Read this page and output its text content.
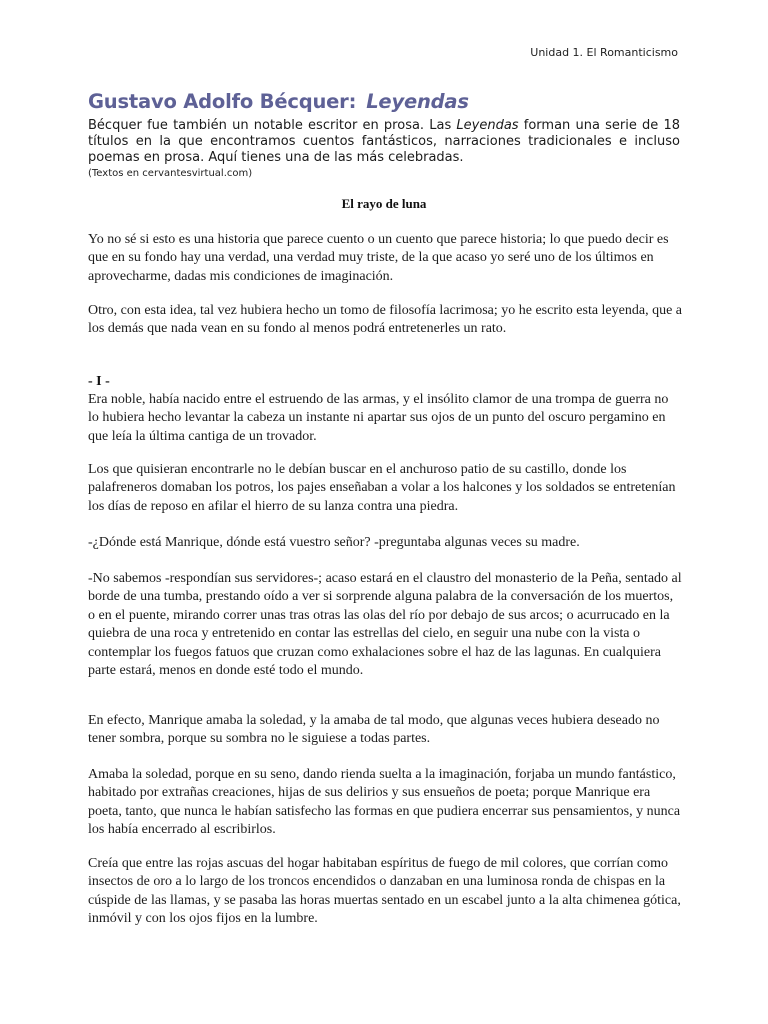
Unidad 1. El Romanticismo
Gustavo Adolfo Bécquer: Leyendas
Bécquer fue también un notable escritor en prosa. Las Leyendas forman una serie de 18 títulos en la que encontramos cuentos fantásticos, narraciones tradicionales e incluso poemas en prosa. Aquí tienes una de las más celebradas.
(Textos en cervantesvirtual.com)
El rayo de luna

Yo no sé si esto es una historia que parece cuento o un cuento que parece historia; lo que puedo decir es que en su fondo hay una verdad, una verdad muy triste, de la que acaso yo seré uno de los últimos en aprovecharme, dadas mis condiciones de imaginación.

Otro, con esta idea, tal vez hubiera hecho un tomo de filosofía lacrimosa; yo he escrito esta leyenda, que a los demás que nada vean en su fondo al menos podrá entretenerles un rato.

- I -

Era noble, había nacido entre el estruendo de las armas, y el insólito clamor de una trompa de guerra no lo hubiera hecho levantar la cabeza un instante ni apartar sus ojos de un punto del oscuro pergamino en que leía la última cantiga de un trovador.

Los que quisieran encontrarle no le debían buscar en el anchuroso patio de su castillo, donde los palafreneros domaban los potros, los pajes enseñaban a volar a los halcones y los soldados se entretenían los días de reposo en afilar el hierro de su lanza contra una piedra.

-¿Dónde está Manrique, dónde está vuestro señor? -preguntaba algunas veces su madre.

-No sabemos -respondían sus servidores-; acaso estará en el claustro del monasterio de la Peña, sentado al borde de una tumba, prestando oído a ver si sorprende alguna palabra de la conversación de los muertos, o en el puente, mirando correr unas tras otras las olas del río por debajo de sus arcos; o acurrucado en la quiebra de una roca y entretenido en contar las estrellas del cielo, en seguir una nube con la vista o contemplar los fuegos fatuos que cruzan como exhalaciones sobre el haz de las lagunas. En cualquiera parte estará, menos en donde esté todo el mundo.

En efecto, Manrique amaba la soledad, y la amaba de tal modo, que algunas veces hubiera deseado no tener sombra, porque su sombra no le siguiese a todas partes.

Amaba la soledad, porque en su seno, dando rienda suelta a la imaginación, forjaba un mundo fantástico, habitado por extrañas creaciones, hijas de sus delirios y sus ensueños de poeta; porque Manrique era poeta, tanto, que nunca le habían satisfecho las formas en que pudiera encerrar sus pensamientos, y nunca los había encerrado al escribirlos.

Creía que entre las rojas ascuas del hogar habitaban espíritus de fuego de mil colores, que corrían como insectos de oro a lo largo de los troncos encendidos o danzaban en una luminosa ronda de chispas en la cúspide de las llamas, y se pasaba las horas muertas sentado en un escabel junto a la alta chimenea gótica, inmóvil y con los ojos fijos en la lumbre.
